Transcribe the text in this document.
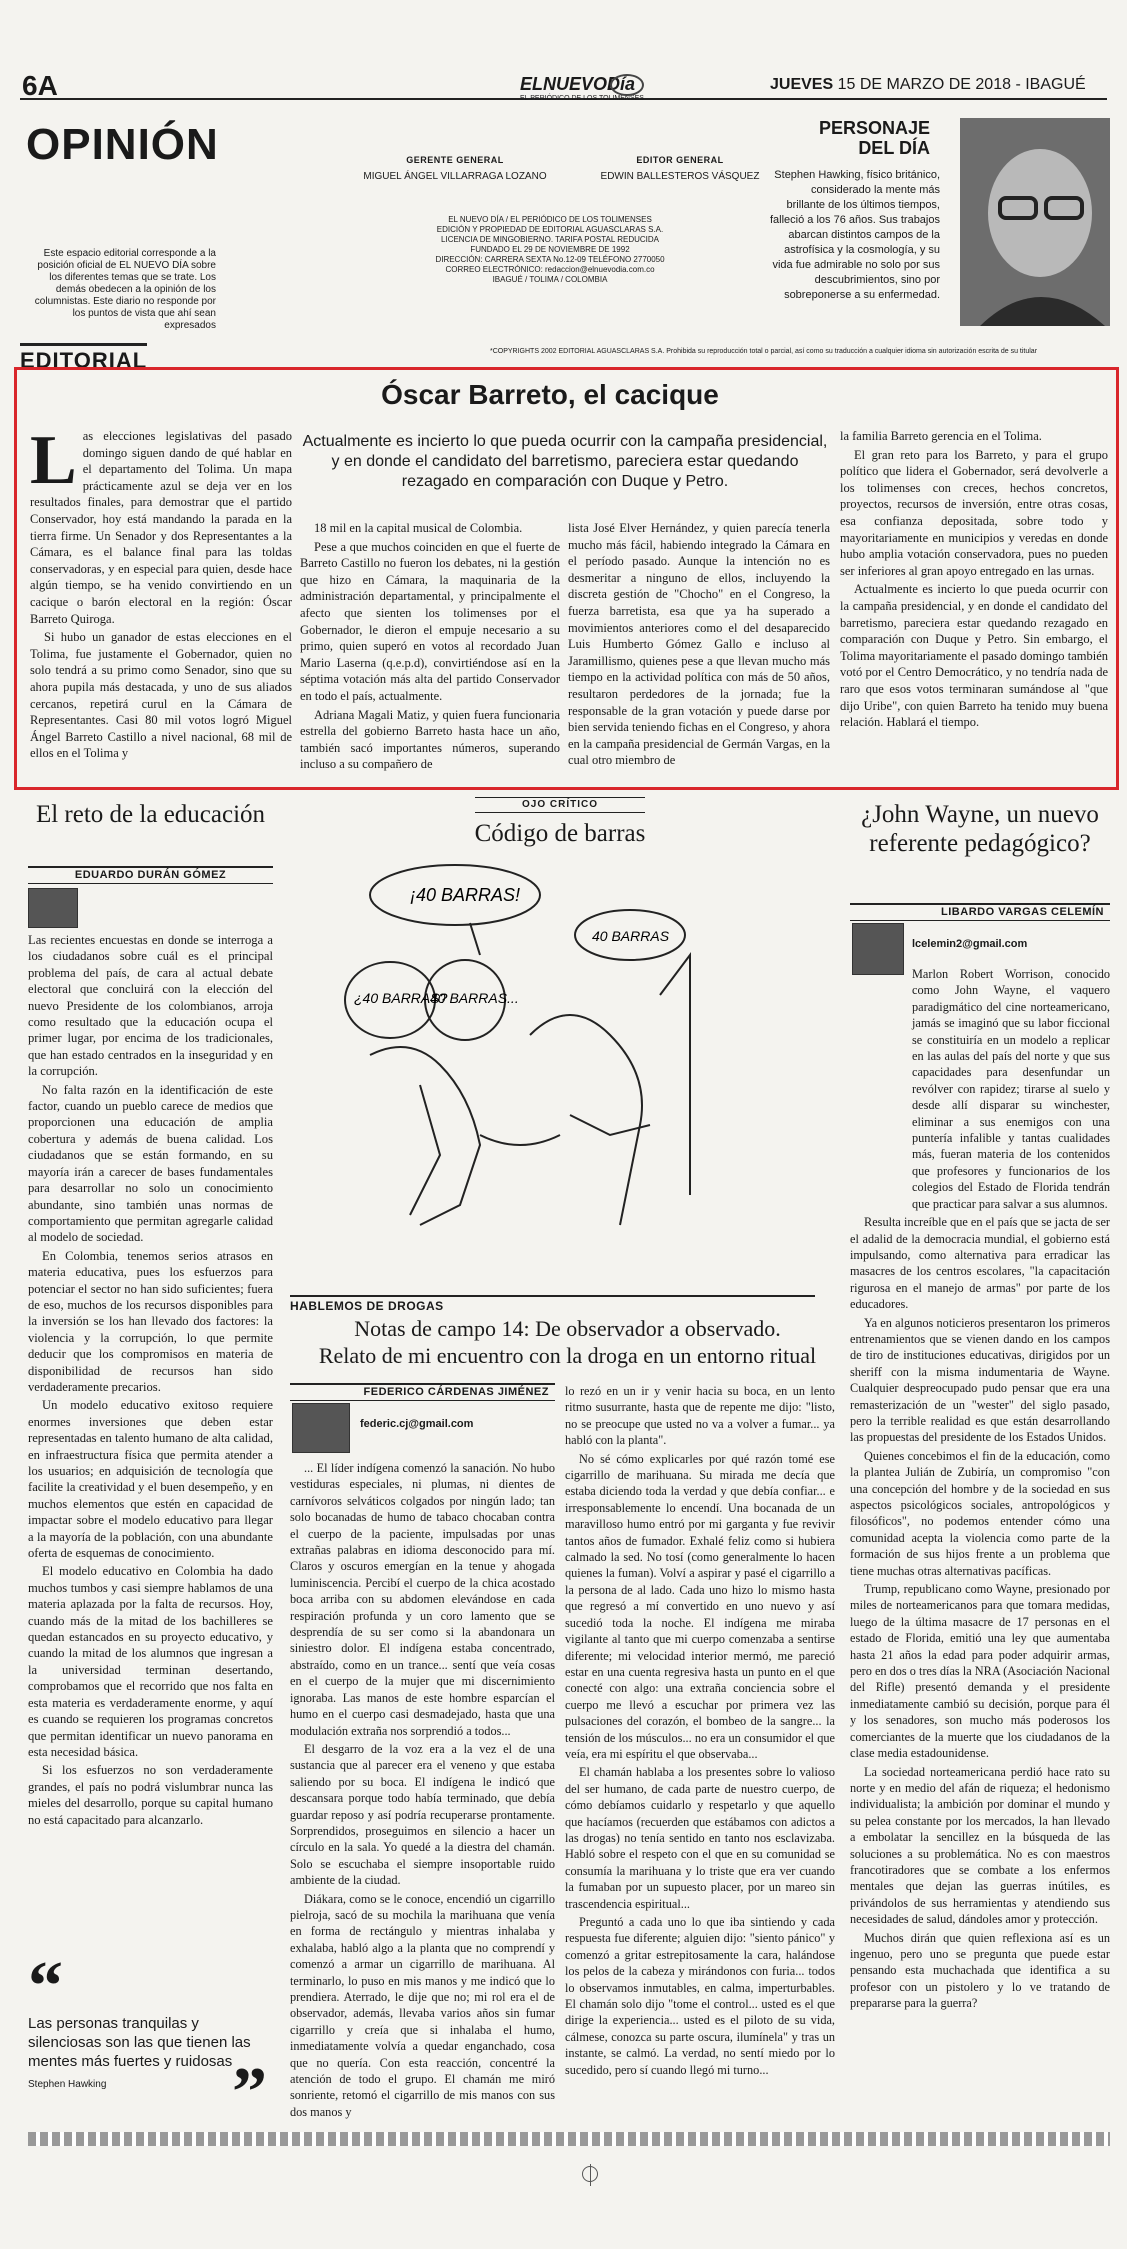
6A	ELNUEVODía
EL PERIÓDICO DE LOS TOLIMENSES
JUEVES 15 DE MARZO DE 2018 - IBAGUÉ
OPINIÓN
Este espacio editorial corresponde a la posición oficial de EL NUEVO DÍA sobre los diferentes temas que se trate. Los demás obedecen a la opinión de los columnistas. Este diario no responde por los puntos de vista que ahí sean expresados
GERENTE GENERAL
MIGUEL ÁNGEL VILLARRAGA LOZANO
EDITOR GENERAL
EDWIN BALLESTEROS VÁSQUEZ
EL NUEVO DÍA / EL PERIÓDICO DE LOS TOLIMENSES
EDICIÓN Y PROPIEDAD DE EDITORIAL AGUASCLARAS S.A.
LICENCIA DE MINGOBIERNO. TARIFA POSTAL REDUCIDA
FUNDADO EL 29 DE NOVIEMBRE DE 1992
DIRECCIÓN: CARRERA SEXTA No.12-09 TELÉFONO 2770050
CORREO ELECTRÓNICO: redaccion@elnuevodia.com.co
IBAGUÉ / TOLIMA / COLOMBIA
PERSONAJE
DEL DÍA
Stephen Hawking, físico británico, considerado la mente más brillante de los últimos tiempos, falleció a los 76 años. Sus trabajos abarcan distintos campos de la astrofísica y la cosmología, y su vida fue admirable no solo por sus descubrimientos, sino por sobreponerse a su enfermedad.
EDITORIAL	*COPYRIGHTS 2002 EDITORIAL AGUASCLARAS S.A. Prohibida su reproducción total o parcial, así como su traducción a cualquier idioma sin autorización escrita de su titular
Óscar Barreto, el cacique
Actualmente es incierto lo que pueda ocurrir con la campaña presidencial, y en donde el candidato del barretismo, pareciera estar quedando rezagado en comparación con Duque y Petro.

Las elecciones legislativas del pasado domingo siguen dando de qué hablar en el departamento del Tolima. Un mapa prácticamente azul se deja ver en los resultados finales, para demostrar que el partido Conservador, hoy está mandando la parada en la tierra firme. Un Senador y dos Representantes a la Cámara, es el balance final para las toldas conservadoras, y en especial para quien, desde hace algún tiempo, se ha venido convirtiendo en un cacique o barón electoral en la región: Óscar Barreto Quiroga.

Si hubo un ganador de estas elecciones en el Tolima, fue justamente el Gobernador, quien no solo tendrá a su primo como Senador, sino que su ahora pupila más destacada, y uno de sus aliados cercanos, repetirá curul en la Cámara de Representantes. Casi 80 mil votos logró Miguel Ángel Barreto Castillo a nivel nacional, 68 mil de ellos en el Tolima y

18 mil en la capital musical de Colombia.

Pese a que muchos coinciden en que el fuerte de Barreto Castillo no fueron los debates, ni la gestión que hizo en Cámara, la maquinaria de la administración departamental, y principalmente el afecto que sienten los tolimenses por el Gobernador, le dieron el empuje necesario a su primo, quien superó en votos al recordado Juan Mario Laserna (q.e.p.d), convirtiéndose así en la séptima votación más alta del partido Conservador en todo el país, actualmente.

Adriana Magali Matiz, y quien fuera funcionaria estrella del gobierno Barreto hasta hace un año, también sacó importantes números, superando incluso a su compañero de

lista José Elver Hernández, y quien parecía tenerla mucho más fácil, habiendo integrado la Cámara en el período pasado. Aunque la intención no es desmeritar a ninguno de ellos, incluyendo la discreta gestión de "Chocho" en el Congreso, la fuerza barretista, esa que ya ha superado a movimientos anteriores como el del desaparecido Luis Humberto Gómez Gallo e incluso al Jaramillismo, quienes pese a que llevan mucho más tiempo en la actividad política con más de 50 años, resultaron perdedores de la jornada; fue la responsable de la gran votación y puede darse por bien servida teniendo fichas en el Congreso, y ahora en la campaña presidencial de Germán Vargas, en la cual otro miembro de

la familia Barreto gerencia en el Tolima.

El gran reto para los Barreto, y para el grupo político que lidera el Gobernador, será devolverle a los tolimenses con creces, hechos concretos, proyectos, recursos de inversión, entre otras cosas, esa confianza depositada, sobre todo y mayoritariamente en municipios y veredas en donde hubo amplia votación conservadora, pues no pueden ser inferiores al gran apoyo entregado en las urnas.

Actualmente es incierto lo que pueda ocurrir con la campaña presidencial, y en donde el candidato del barretismo, pareciera estar quedando rezagado en comparación con Duque y Petro. Sin embargo, el Tolima mayoritariamente el pasado domingo también votó por el Centro Democrático, y no tendría nada de raro que esos votos terminaran sumándose al "que dijo Uribe", con quien Barreto ha tenido muy buena relación. Hablará el tiempo.

El reto de la educación
EDUARDO DURÁN GÓMEZ

Las recientes encuestas en donde se interroga a los ciudadanos sobre cuál es el principal problema del país, de cara al actual debate electoral que concluirá con la elección del nuevo Presidente de los colombianos, arroja como resultado que la educación ocupa el primer lugar, por encima de los tradicionales, que han estado centrados en la inseguridad y en la corrupción.

No falta razón en la identificación de este factor, cuando un pueblo carece de medios que proporcionen una educación de amplia cobertura y además de buena calidad. Los ciudadanos que se están formando, en su mayoría irán a carecer de bases fundamentales para desarrollar no solo un conocimiento abundante, sino también unas normas de comportamiento que permitan agregarle calidad al modelo de sociedad.

En Colombia, tenemos serios atrasos en materia educativa, pues los esfuerzos para potenciar el sector no han sido suficientes; fuera de eso, muchos de los recursos disponibles para la inversión se los han llevado dos factores: la violencia y la corrupción, lo que permite deducir que los compromisos en materia de disponibilidad de recursos han sido verdaderamente precarios.

Un modelo educativo exitoso requiere enormes inversiones que deben estar representadas en talento humano de alta calidad, en infraestructura física que permita atender a los usuarios; en adquisición de tecnología que facilite la creatividad y el buen desempeño, y en muchos elementos que estén en capacidad de impactar sobre el modelo educativo para llegar a la mayoría de la población, con una abundante oferta de esquemas de conocimiento.

El modelo educativo en Colombia ha dado muchos tumbos y casi siempre hablamos de una materia aplazada por la falta de recursos. Hoy, cuando más de la mitad de los bachilleres se quedan estancados en su proyecto educativo, y cuando la mitad de los alumnos que ingresan a la universidad terminan desertando, comprobamos que el recorrido que nos falta en esta materia es verdaderamente enorme, y aquí es cuando se requieren los programas concretos que permitan identificar un nuevo panorama en esta necesidad básica.

Si los esfuerzos no son verdaderamente grandes, el país no podrá vislumbrar nunca las mieles del desarrollo, porque su capital humano no está capacitado para alcanzarlo.

“
Las personas tranquilas y silenciosas son las que tienen las mentes más fuertes y ruidosas
Stephen Hawking	”
OJO CRÍTICO
Código de barras
¡40 BARRAS!
40 BARRAS
¿40 BARRAS?
40 BARRAS...
HABLEMOS DE DROGAS
Notas de campo 14: De observador a observado.
Relato de mi encuentro con la droga en un entorno ritual
FEDERICO CÁRDENAS JIMÉNEZ
federic.cj@gmail.com

... El líder indígena comenzó la sanación. No hubo vestiduras especiales, ni plumas, ni dientes de carnívoros selváticos colgados por ningún lado; tan solo bocanadas de humo de tabaco chocaban contra el cuerpo de la paciente, impulsadas por unas extrañas palabras en idioma desconocido para mí. Claros y oscuros emergían en la tenue y ahogada luminiscencia. Percibí el cuerpo de la chica acostado boca arriba con su abdomen elevándose en cada respiración profunda y un coro lamento que se desprendía de su ser como si la abandonara un siniestro dolor. El indígena estaba concentrado, abstraído, como en un trance... sentí que veía cosas en el cuerpo de la mujer que mi discernimiento ignoraba. Las manos de este hombre esparcían el humo en el cuerpo casi desmadejado, hasta que una modulación extraña nos sorprendió a todos...

El desgarro de la voz era a la vez el de una sustancia que al parecer era el veneno y que estaba saliendo por su boca. El indígena le indicó que descansara porque todo había terminado, que debía guardar reposo y así podría recuperarse prontamente. Sorprendidos, proseguimos en silencio a hacer un círculo en la sala. Yo quedé a la diestra del chamán. Solo se escuchaba el siempre insoportable ruido ambiente de la ciudad.

Diákara, como se le conoce, encendió un cigarrillo pielroja, sacó de su mochila la marihuana que venía en forma de rectángulo y mientras inhalaba y exhalaba, habló algo a la planta que no comprendí y comenzó a armar un cigarrillo de marihuana. Al terminarlo, lo puso en mis manos y me indicó que lo prendiera. Aterrado, le dije que no; mi rol era el de observador, además, llevaba varios años sin fumar cigarrillo y creía que si inhalaba el humo, inmediatamente volvía a quedar enganchado, cosa que no quería. Con esta reacción, concentré la atención de todo el grupo. El chamán me miró sonriente, retomó el cigarrillo de mis manos con sus dos manos y

lo rezó en un ir y venir hacia su boca, en un lento ritmo susurrante, hasta que de repente me dijo: "listo, no se preocupe que usted no va a volver a fumar... ya habló con la planta".

No sé cómo explicarles por qué razón tomé ese cigarrillo de marihuana. Su mirada me decía que estaba diciendo toda la verdad y que debía confiar... e irresponsablemente lo encendí. Una bocanada de un maravilloso humo entró por mi garganta y fue revivir tantos años de fumador. Exhalé feliz como si hubiera calmado la sed. No tosí (como generalmente lo hacen quienes la fuman). Volví a aspirar y pasé el cigarrillo a la persona de al lado. Cada uno hizo lo mismo hasta que regresó a mí convertido en uno nuevo y así sucedió toda la noche. El indígena me miraba vigilante al tanto que mi cuerpo comenzaba a sentirse diferente; mi velocidad interior mermó, me pareció estar en una cuenta regresiva hasta un punto en el que conecté con algo: una extraña conciencia sobre el cuerpo me llevó a escuchar por primera vez las pulsaciones del corazón, el bombeo de la sangre... la tensión de los músculos... no era un consumidor el que veía, era mi espíritu el que observaba...

El chamán hablaba a los presentes sobre lo valioso del ser humano, de cada parte de nuestro cuerpo, de cómo debíamos cuidarlo y respetarlo y que aquello que hacíamos (recuerden que estábamos con adictos a las drogas) no tenía sentido en tanto nos esclavizaba. Habló sobre el respeto con el que en su comunidad se consumía la marihuana y lo triste que era ver cuando la fumaban por un supuesto placer, por un mareo sin trascendencia espiritual...

Preguntó a cada uno lo que iba sintiendo y cada respuesta fue diferente; alguien dijo: "siento pánico" y comenzó a gritar estrepitosamente la cara, halándose los pelos de la cabeza y mirándonos con furia... todos lo observamos inmutables, en calma, imperturbables. El chamán solo dijo "tome el control... usted es el que dirige la experiencia... usted es el piloto de su vida, cálmese, conozca su parte oscura, ilumínela" y tras un instante, se calmó. La verdad, no sentí miedo por lo sucedido, pero sí cuando llegó mi turno...

¿John Wayne, un nuevo referente pedagógico?
LIBARDO VARGAS CELEMÍN
lcelemin2@gmail.com

Marlon Robert Worrison, conocido como John Wayne, el vaquero paradigmático del cine norteamericano, jamás se imaginó que su labor ficcional se constituiría en un modelo a replicar en las aulas del país del norte y que sus capacidades para desenfundar un revólver con rapidez; tirarse al suelo y desde allí disparar su winchester, eliminar a sus enemigos con una puntería infalible y tantas cualidades más, fueran materia de los contenidos que profesores y funcionarios de los colegios del Estado de Florida tendrán que practicar para salvar a sus alumnos.

Resulta increíble que en el país que se jacta de ser el adalid de la democracia mundial, el gobierno está impulsando, como alternativa para erradicar las masacres de los centros escolares, "la capacitación rigurosa en el manejo de armas" por parte de los educadores.

Ya en algunos noticieros presentaron los primeros entrenamientos que se vienen dando en los campos de tiro de instituciones educativas, dirigidos por un sheriff con la misma indumentaria de Wayne. Cualquier despreocupado pudo pensar que era una remasterización de un "wester" del siglo pasado, pero la terrible realidad es que están desarrollando las propuestas del presidente de los Estados Unidos.

Quienes concebimos el fin de la educación, como la plantea Julián de Zubiría, un compromiso "con una concepción del hombre y de la sociedad en sus aspectos psicológicos sociales, antropológicos y filosóficos", no podemos entender cómo una comunidad acepta la violencia como parte de la formación de sus hijos frente a un problema que tiene muchas otras alternativas pacíficas.

Trump, republicano como Wayne, presionado por miles de norteamericanos para que tomara medidas, luego de la última masacre de 17 personas en el estado de Florida, emitió una ley que aumentaba hasta 21 años la edad para poder adquirir armas, pero en dos o tres días la NRA (Asociación Nacional del Rifle) presentó demanda y el presidente inmediatamente cambió su decisión, porque para él y los senadores, son mucho más poderosos los comerciantes de la muerte que los ciudadanos de la clase media estadounidense.

La sociedad norteamericana perdió hace rato su norte y en medio del afán de riqueza; el hedonismo individualista; la ambición por dominar el mundo y su pelea constante por los mercados, la han llevado a embolatar la sencillez en la búsqueda de las soluciones a su problemática. No es con maestros francotiradores que se combate a los enfermos mentales que dejan las guerras inútiles, es privándolos de sus herramientas y atendiendo sus necesidades de salud, dándoles amor y protección.

Muchos dirán que quien reflexiona así es un ingenuo, pero uno se pregunta que puede estar pensando esta muchachada que identifica a su profesor con un pistolero y lo ve tratando de prepararse para la guerra?
